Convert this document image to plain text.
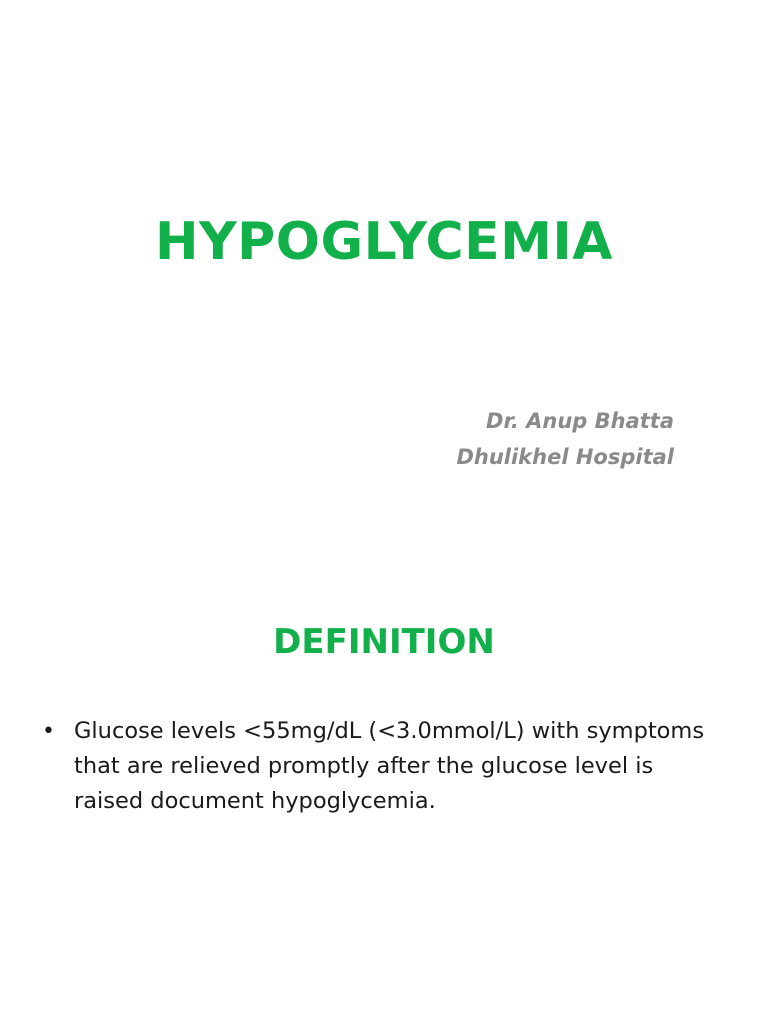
HYPOGLYCEMIA
Dr. Anup Bhatta
Dhulikhel Hospital
DEFINITION
• Glucose levels <55mg/dL (<3.0mmol/L) with symptoms that are relieved promptly after the glucose level is raised document hypoglycemia.
